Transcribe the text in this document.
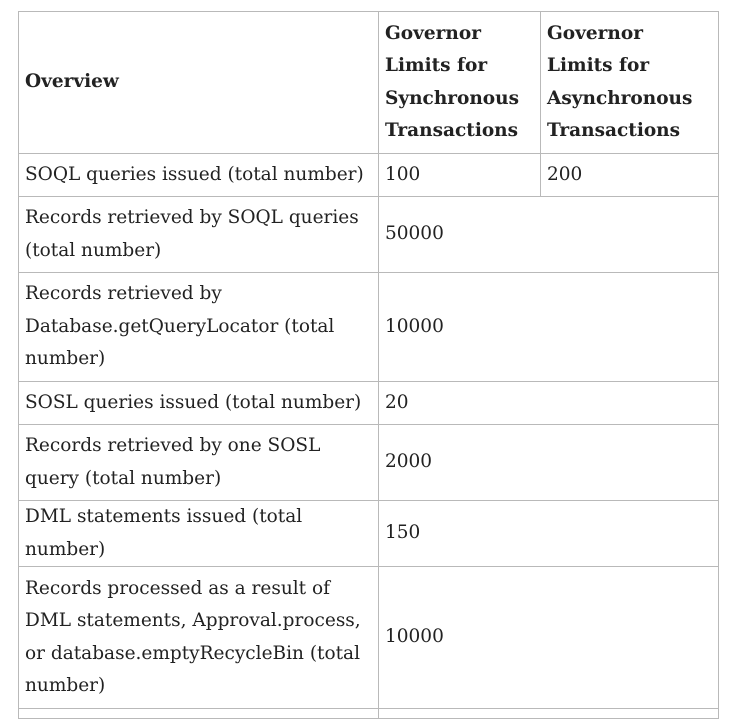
Overview	Governor Limits for Synchronous Transactions	Governor Limits for Asynchronous Transactions
SOQL queries issued (total number)	100	200
Records retrieved by SOQL queries (total number)	50000	
Records retrieved by Database.getQueryLocator (total number)	10000	
SOSL queries issued (total number)	20	
Records retrieved by one SOSL query (total number)	2000	
DML statements issued (total number)	150	
Records processed as a result of DML statements, Approval.process, or database.emptyRecycleBin (total number)	10000	
